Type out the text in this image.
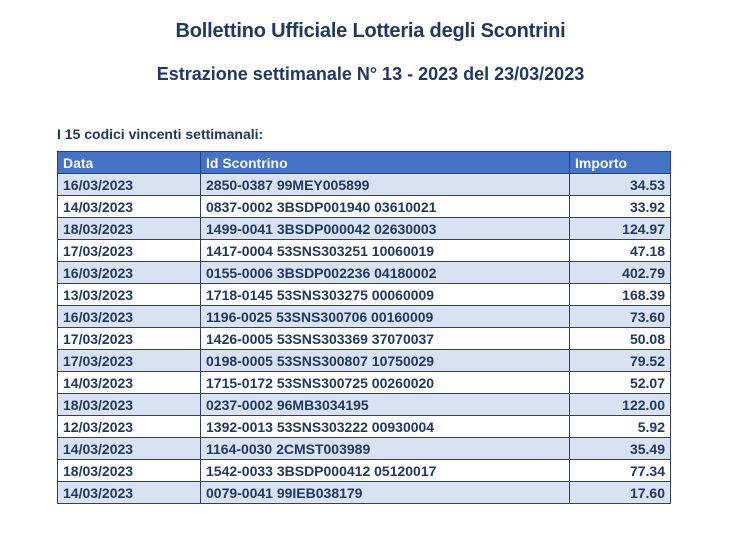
Bollettino Ufficiale Lotteria degli Scontrini
Estrazione settimanale N° 13 - 2023 del 23/03/2023

I 15 codici vincenti settimanali:

Data	Id Scontrino	Importo
16/03/2023	2850-0387 99MEY005899	34.53
14/03/2023	0837-0002 3BSDP001940 03610021	33.92
18/03/2023	1499-0041 3BSDP000042 02630003	124.97
17/03/2023	1417-0004 53SNS303251 10060019	47.18
16/03/2023	0155-0006 3BSDP002236 04180002	402.79
13/03/2023	1718-0145 53SNS303275 00060009	168.39
16/03/2023	1196-0025 53SNS300706 00160009	73.60
17/03/2023	1426-0005 53SNS303369 37070037	50.08
17/03/2023	0198-0005 53SNS300807 10750029	79.52
14/03/2023	1715-0172 53SNS300725 00260020	52.07
18/03/2023	0237-0002 96MB3034195	122.00
12/03/2023	1392-0013 53SNS303222 00930004	5.92
14/03/2023	1164-0030 2CMST003989	35.49
18/03/2023	1542-0033 3BSDP000412 05120017	77.34
14/03/2023	0079-0041 99IEB038179	17.60
